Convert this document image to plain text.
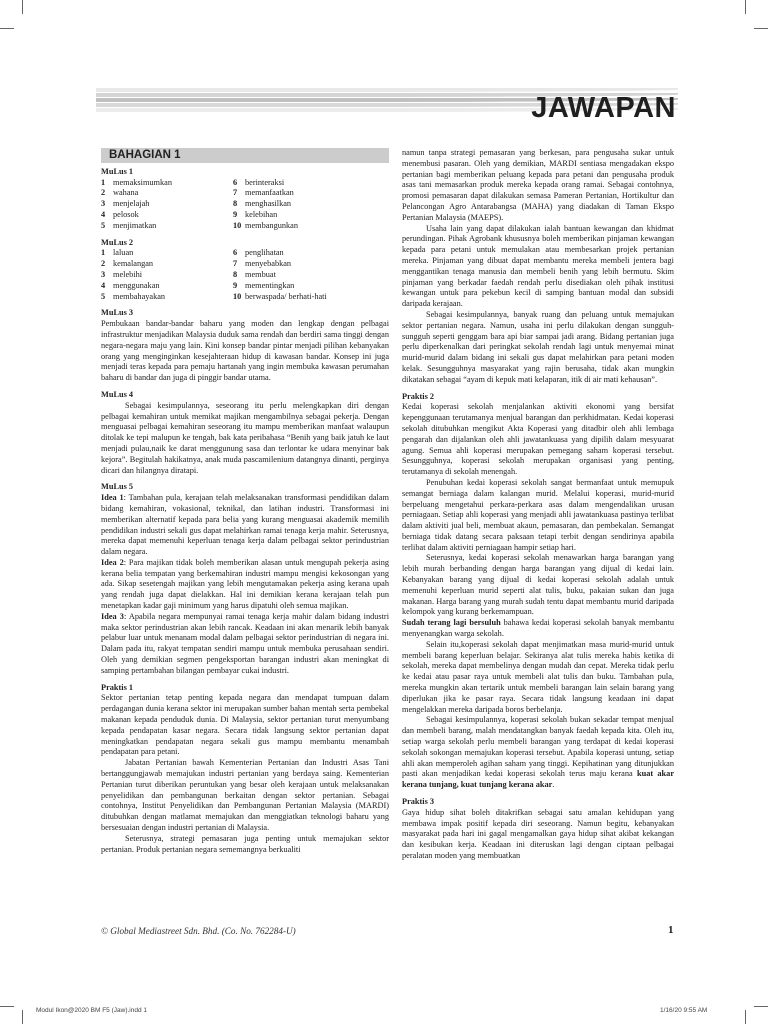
JAWAPAN
BAHAGIAN 1
MuLus 1
1 memaksimumkan	6 berinteraksi
2 wahana	7 memanfaatkan
3 menjelajah	8 menghasilkan
4 pelosok	9 kelebihan
5 menjimatkan	10 membangunkan
MuLus 2
1 laluan	6 penglihatan
2 kemalangan	7 menyebabkan
3 melebihi	8 membuat
4 menggunakan	9 mementingkan
5 membahayakan	10 berwaspada/ berhati-hati
MuLus 3

Pembukaan bandar-bandar baharu yang moden dan lengkap dengan pelbagai infrastruktur menjadikan Malaysia duduk sama rendah dan berdiri sama tinggi dengan negara-negara maju yang lain. Kini konsep bandar pintar menjadi pilihan kebanyakan orang yang menginginkan kesejahteraan hidup di kawasan bandar. Konsep ini juga menjadi teras kepada para pemaju hartanah yang ingin membuka kawasan perumahan baharu di bandar dan juga di pinggir bandar utama.

MuLus 4

Sebagai kesimpulannya, seseorang itu perlu melengkapkan diri dengan pelbagai kemahiran untuk memikat majikan mengambilnya sebagai pekerja. Dengan menguasai pelbagai kemahiran seseorang itu mampu memberikan manfaat walaupun ditolak ke tepi malupun ke tengah, bak kata peribahasa “Benih yang baik jatuh ke laut menjadi pulau,naik ke darat menggunung sasa dan terlontar ke udara menyinar bak kejora”. Begitulah hakikatnya, anak muda pascamilenium datangnya dinanti, perginya dicari dan hilangnya diratapi.

MuLus 5

Idea 1: Tambahan pula, kerajaan telah melaksanakan transformasi pendidikan dalam bidang kemahiran, vokasional, teknikal, dan latihan industri. Transformasi ini memberikan alternatif kepada para belia yang kurang menguasai akademik memilih pendidikan industri sekali gus dapat melahirkan ramai tenaga kerja mahir. Seterusnya, mereka dapat memenuhi keperluan tenaga kerja dalam pelbagai sektor perindustrian dalam negara.

Idea 2: Para majikan tidak boleh memberikan alasan untuk mengupah pekerja asing kerana belia tempatan yang berkemahiran industri mampu mengisi kekosongan yang ada. Sikap sesetengah majikan yang lebih mengutamakan pekerja asing kerana upah yang rendah juga dapat dielakkan. Hal ini demikian kerana kerajaan telah pun menetapkan kadar gaji minimum yang harus dipatuhi oleh semua majikan.

Idea 3: Apabila negara mempunyai ramai tenaga kerja mahir dalam bidang industri maka sektor perindustrian akan lebih rancak. Keadaan ini akan menarik lebih banyak pelabur luar untuk menanam modal dalam pelbagai sektor perindustrian di negara ini. Dalam pada itu, rakyat tempatan sendiri mampu untuk membuka perusahaan sendiri. Oleh yang demikian segmen pengeksportan barangan industri akan meningkat di samping pertambahan bilangan pembayar cukai industri.

Praktis 1

Sektor pertanian tetap penting kepada negara dan mendapat tumpuan dalam perdagangan dunia kerana sektor ini merupakan sumber bahan mentah serta pembekal makanan kepada penduduk dunia. Di Malaysia, sektor pertanian turut menyumbang kepada pendapatan kasar negara. Secara tidak langsung sektor pertanian dapat meningkatkan pendapatan negara sekali gus mampu membantu menambah pendapatan para petani.

Jabatan Pertanian bawah Kementerian Pertanian dan Industri Asas Tani bertanggungjawab memajukan industri pertanian yang berdaya saing. Kementerian Pertanian turut diberikan peruntukan yang besar oleh kerajaan untuk melaksanakan penyelidikan dan pembangunan berkaitan dengan sektor pertanian. Sebagai contohnya, Institut Penyelidikan dan Pembangunan Pertanian Malaysia (MARDI) ditubuhkan dengan matlamat memajukan dan menggiatkan teknologi baharu yang bersesuaian dengan industri pertanian di Malaysia.

Seterusnya, strategi pemasaran juga penting untuk memajukan sektor pertanian. Produk pertanian negara sememangnya berkualiti

namun tanpa strategi pemasaran yang berkesan, para pengusaha sukar untuk menembusi pasaran. Oleh yang demikian, MARDI sentiasa mengadakan ekspo pertanian bagi memberikan peluang kepada para petani dan pengusaha produk asas tani memasarkan produk mereka kepada orang ramai. Sebagai contohnya, promosi pemasaran dapat dilakukan semasa Pameran Pertanian, Hortikultur dan Pelancongan Agro Antarabangsa (MAHA) yang diadakan di Taman Ekspo Pertanian Malaysia (MAEPS).

Usaha lain yang dapat dilakukan ialah bantuan kewangan dan khidmat perundingan. Pihak Agrobank khususnya boleh memberikan pinjaman kewangan kepada para petani untuk memulakan atau membesarkan projek pertanian mereka. Pinjaman yang dibuat dapat membantu mereka membeli jentera bagi menggantikan tenaga manusia dan membeli benih yang lebih bermutu. Skim pinjaman yang berkadar faedah rendah perlu disediakan oleh pihak institusi kewangan untuk para pekebun kecil di samping bantuan modal dan subsidi daripada kerajaan.

Sebagai kesimpulannya, banyak ruang dan peluang untuk memajukan sektor pertanian negara. Namun, usaha ini perlu dilakukan dengan sungguh-sungguh seperti genggam bara api biar sampai jadi arang. Bidang pertanian juga perlu diperkenalkan dari peringkat sekolah rendah lagi untuk menyemai minat murid-murid dalam bidang ini sekali gus dapat melahirkan para petani moden kelak. Sesungguhnya masyarakat yang rajin berusaha, tidak akan mungkin dikatakan sebagai “ayam di kepuk mati kelaparan, itik di air mati kehausan”.

Praktis 2

Kedai koperasi sekolah menjalankan aktiviti ekonomi yang bersifat kepenggunaan terutamanya menjual barangan dan perkhidmatan. Kedai koperasi sekolah ditubuhkan mengikut Akta Koperasi yang ditadbir oleh ahli lembaga pengarah dan dijalankan oleh ahli jawatankuasa yang dipilih dalam mesyuarat agung. Semua ahli koperasi merupakan pemegang saham koperasi tersebut. Sesungguhnya, koperasi sekolah merupakan organisasi yang penting, terutamanya di sekolah menengah.

Penubuhan kedai koperasi sekolah sangat bermanfaat untuk memupuk semangat berniaga dalam kalangan murid. Melalui koperasi, murid-murid berpeluang mengetahui perkara-perkara asas dalam mengendalikan urusan perniagaan. Setiap ahli koperasi yang menjadi ahli jawatankuasa pastinya terlibat dalam aktiviti jual beli, membuat akaun, pemasaran, dan pembekalan. Semangat berniaga tidak datang secara paksaan tetapi terbit dengan sendirinya apabila terlibat dalam aktiviti perniagaan hampir setiap hari.

Seterusnya, kedai koperasi sekolah menawarkan harga barangan yang lebih murah berbanding dengan harga barangan yang dijual di kedai lain. Kebanyakan barang yang dijual di kedai koperasi sekolah adalah untuk memenuhi keperluan murid seperti alat tulis, buku, pakaian sukan dan juga makanan. Harga barang yang murah sudah tentu dapat membantu murid daripada kelompok yang kurang berkemampuan.

Sudah terang lagi bersuluh bahawa kedai koperasi sekolah banyak membantu menyenangkan warga sekolah.

Selain itu,koperasi sekolah dapat menjimatkan masa murid-murid untuk membeli barang keperluan belajar. Sekiranya alat tulis mereka habis ketika di sekolah, mereka dapat membelinya dengan mudah dan cepat. Mereka tidak perlu ke kedai atau pasar raya untuk membeli alat tulis dan buku. Tambahan pula, mereka mungkin akan tertarik untuk membeli barangan lain selain barang yang diperlukan jika ke pasar raya. Secara tidak langsung keadaan ini dapat mengelakkan mereka daripada boros berbelanja.

Sebagai kesimpulannya, koperasi sekolah bukan sekadar tempat menjual dan membeli barang, malah mendatangkan banyak faedah kepada kita. Oleh itu, setiap warga sekolah perlu membeli barangan yang terdapat di kedai koperasi sekolah sokongan memajukan koperasi tersebut. Apabila koperasi untung, setiap ahli akan memperoleh agihan saham yang tinggi. Kepihatinan yang ditunjukkan pasti akan menjadikan kedai koperasi sekolah terus maju kerana kuat akar kerana tunjang, kuat tunjang kerana akar.

Praktis 3

Gaya hidup sihat boleh ditakrifkan sebagai satu amalan kehidupan yang membawa impak positif kepada diri seseorang. Namun begitu, kebanyakan masyarakat pada hari ini gagal mengamalkan gaya hidup sihat akibat kekangan dan kesibukan kerja. Keadaan ini diteruskan lagi dengan ciptaan pelbagai peralatan moden yang membuatkan

© Global Mediastreet Sdn. Bhd. (Co. No. 762284-U)	1
Modul Ikon@2020 BM F5 (Jaw).indd 1	1/16/20 9:55 AM
